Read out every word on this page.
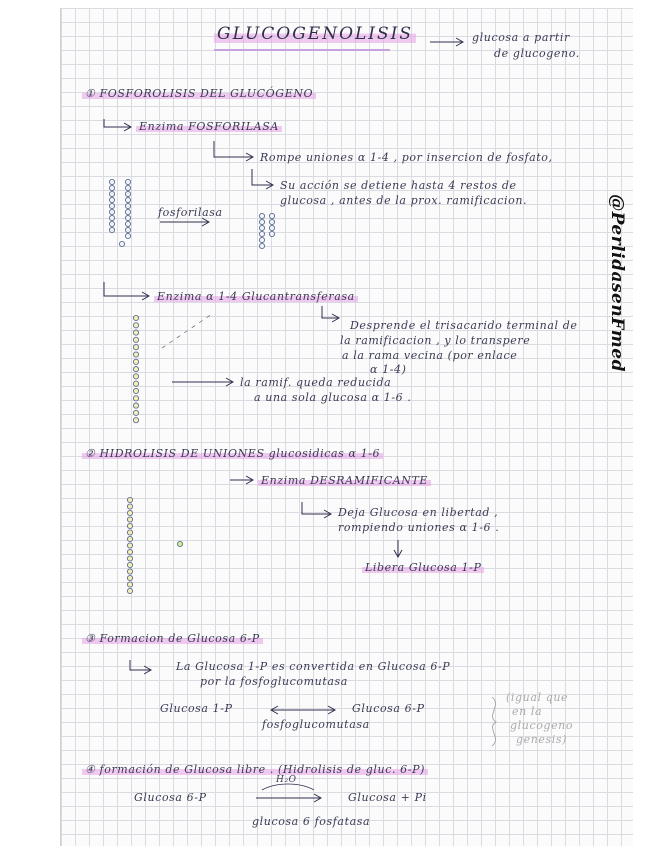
GLUCOGENOLISIS	glucosa a partir
de glucogeno.
① FOSFOROLISIS DEL GLUCÓGENO
Enzima FOSFORILASA
Rompe uniones α 1-4 , por insercion de fosfato,
Su acción se detiene hasta 4 restos de
glucosa , antes de la prox. ramificacion.
fosforilasa
Enzima α 1-4 Glucantransferasa
Desprende el trisacarido terminal de
la ramificacion , y lo transpere
a la rama vecina (por enlace
α 1-4)
la ramif. queda reducida
a una sola glucosa α 1-6 .
② HIDROLISIS DE UNIONES glucosidicas α 1-6
Enzima DESRAMIFICANTE
Deja Glucosa en libertad ,
rompiendo uniones α 1-6 .
Libera Glucosa 1-P
③ Formacion de Glucosa 6-P
La Glucosa 1-P es convertida en Glucosa 6-P
por la fosfoglucomutasa
Glucosa 1-P	Glucosa 6-P
fosfoglucomutasa
(igual que
en la
glucogeno
genesis)
④ formación de Glucosa libre . (Hidrolisis de gluc. 6-P)
Glucosa 6-P
H₂O
Glucosa + Pi
glucosa 6 fosfatasa
@PerlidasenFmed
